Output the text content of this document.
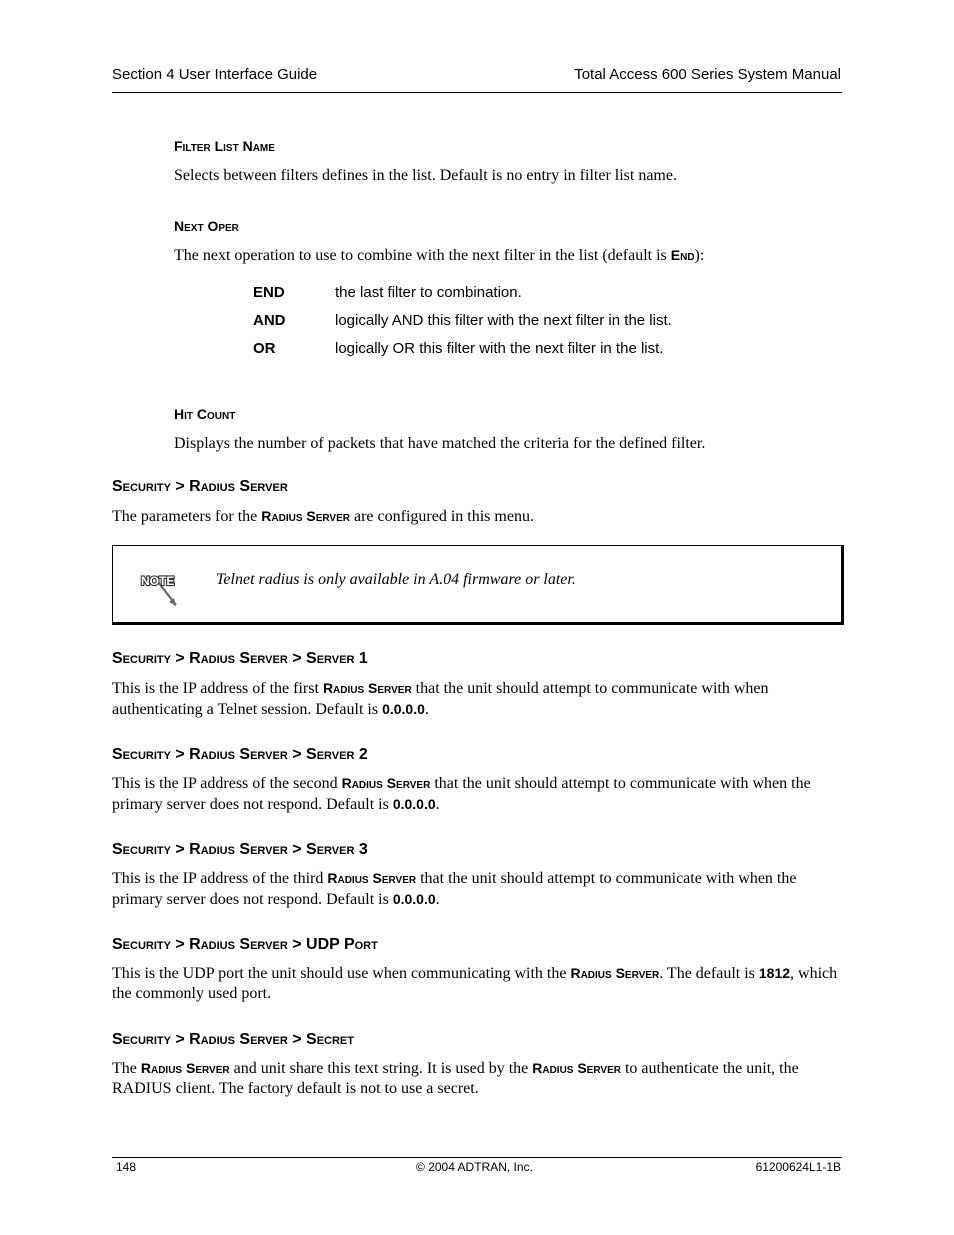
Section 4 User Interface Guide	Total Access 600 Series System Manual
Filter List Name
Selects between filters defines in the list. Default is no entry in filter list name.
Next Oper
The next operation to use to combine with the next filter in the list (default is End):
END	the last filter to combination.
AND	logically AND this filter with the next filter in the list.
OR	logically OR this filter with the next filter in the list.
Hit Count
Displays the number of packets that have matched the criteria for the defined filter.
Security > Radius Server
The parameters for the Radius Server are configured in this menu.
NOTE	Telnet radius is only available in A.04 firmware or later.
Security > Radius Server > Server 1
This is the IP address of the first Radius Server that the unit should attempt to communicate with when authenticating a Telnet session. Default is 0.0.0.0.
Security > Radius Server > Server 2
This is the IP address of the second Radius Server that the unit should attempt to communicate with when the primary server does not respond. Default is 0.0.0.0.
Security > Radius Server > Server 3
This is the IP address of the third Radius Server that the unit should attempt to communicate with when the primary server does not respond. Default is 0.0.0.0.
Security > Radius Server > UDP Port
This is the UDP port the unit should use when communicating with the Radius Server. The default is 1812, which the commonly used port.
Security > Radius Server > Secret
The Radius Server and unit share this text string. It is used by the Radius Server to authenticate the unit, the RADIUS client. The factory default is not to use a secret.
148	© 2004 ADTRAN, Inc.	61200624L1-1B
